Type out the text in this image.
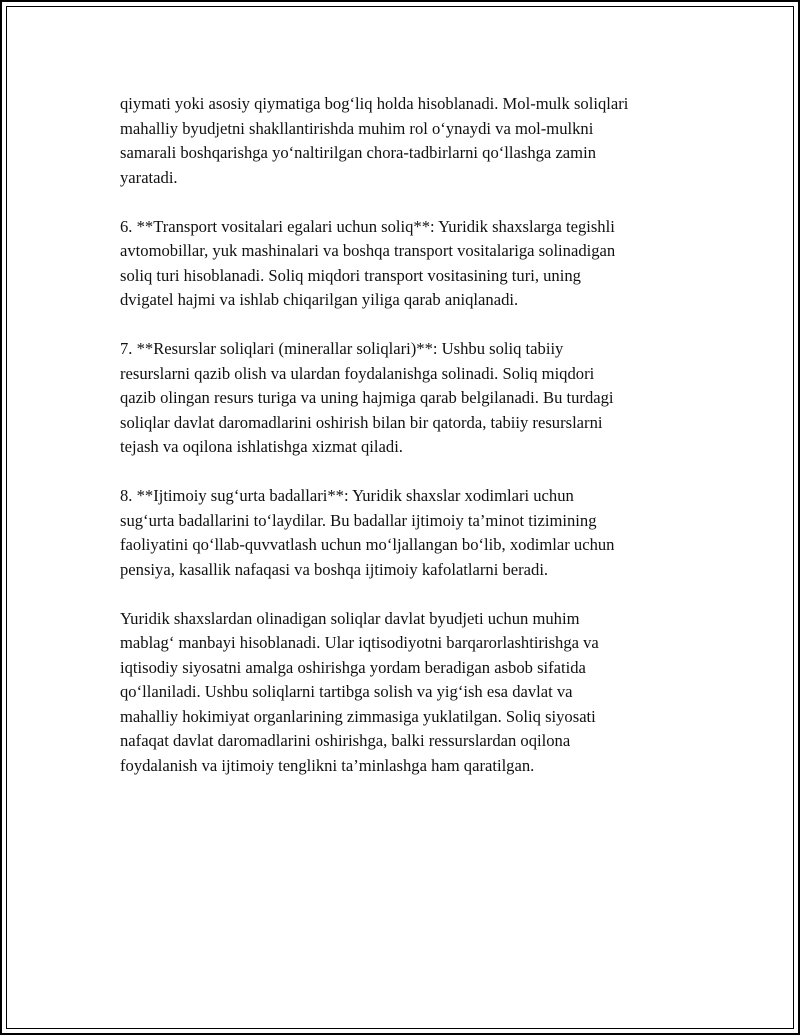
qiymati yoki asosiy qiymatiga bog‘liq holda hisoblanadi. Mol-mulk soliqlari
mahalliy byudjetni shakllantirishda muhim rol o‘ynaydi va mol-mulkni
samarali boshqarishga yo‘naltirilgan chora-tadbirlarni qo‘llashga zamin
yaratadi.

6. **Transport vositalari egalari uchun soliq**: Yuridik shaxslarga tegishli
avtomobillar, yuk mashinalari va boshqa transport vositalariga solinadigan
soliq turi hisoblanadi. Soliq miqdori transport vositasining turi, uning
dvigatel hajmi va ishlab chiqarilgan yiliga qarab aniqlanadi.

7. **Resurslar soliqlari (minerallar soliqlari)**: Ushbu soliq tabiiy
resurslarni qazib olish va ulardan foydalanishga solinadi. Soliq miqdori
qazib olingan resurs turiga va uning hajmiga qarab belgilanadi. Bu turdagi
soliqlar davlat daromadlarini oshirish bilan bir qatorda, tabiiy resurslarni
tejash va oqilona ishlatishga xizmat qiladi.

8. **Ijtimoiy sug‘urta badallari**: Yuridik shaxslar xodimlari uchun
sug‘urta badallarini to‘laydilar. Bu badallar ijtimoiy ta’minot tizimining
faoliyatini qo‘llab-quvvatlash uchun mo‘ljallangan bo‘lib, xodimlar uchun
pensiya, kasallik nafaqasi va boshqa ijtimoiy kafolatlarni beradi.

Yuridik shaxslardan olinadigan soliqlar davlat byudjeti uchun muhim
mablag‘ manbayi hisoblanadi. Ular iqtisodiyotni barqarorlashtirishga va
iqtisodiy siyosatni amalga oshirishga yordam beradigan asbob sifatida
qo‘llaniladi. Ushbu soliqlarni tartibga solish va yig‘ish esa davlat va
mahalliy hokimiyat organlarining zimmasiga yuklatilgan. Soliq siyosati
nafaqat davlat daromadlarini oshirishga, balki ressurslardan oqilona
foydalanish va ijtimoiy tenglikni ta’minlashga ham qaratilgan.
